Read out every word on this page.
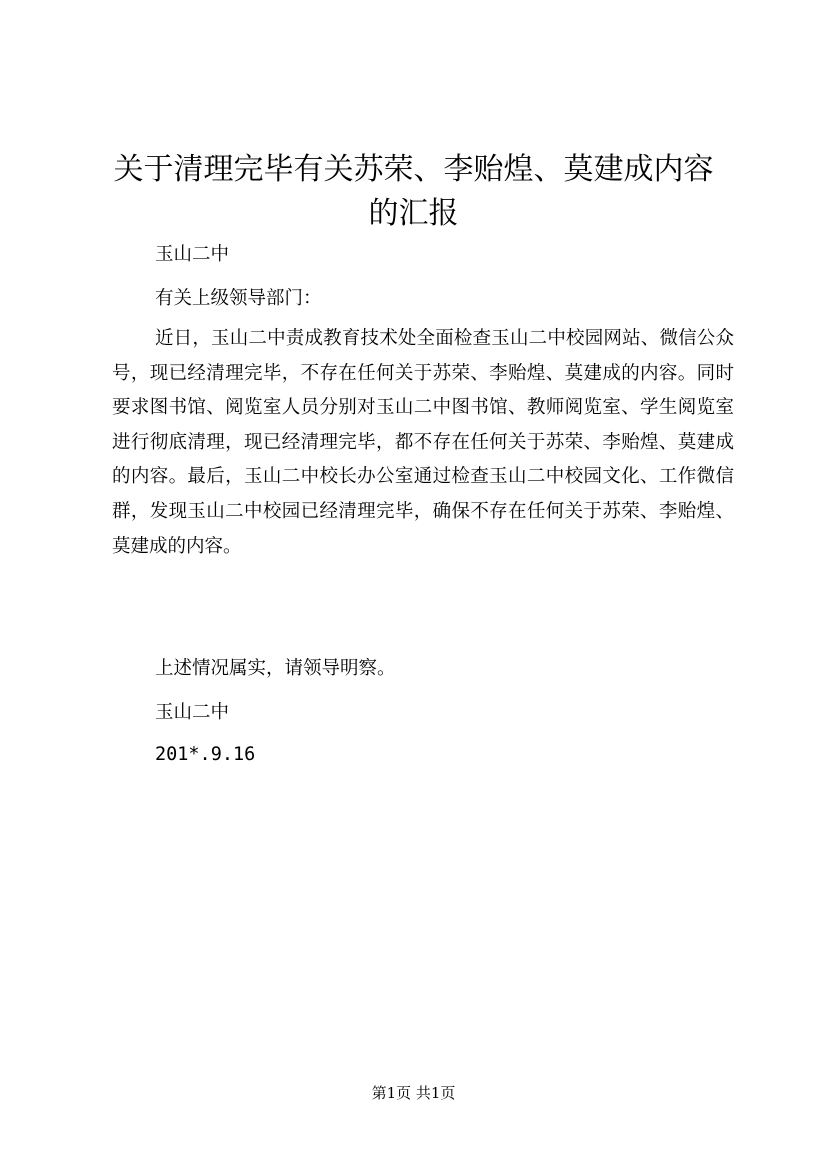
关于清理完毕有关苏荣、李贻煌、莫建成内容
的汇报
玉山二中
有关上级领导部门：
近日，玉山二中责成教育技术处全面检查玉山二中校园网站、微信公众号，现已经清理完毕，不存在任何关于苏荣、李贻煌、莫建成的内容。同时要求图书馆、阅览室人员分别对玉山二中图书馆、教师阅览室、学生阅览室进行彻底清理，现已经清理完毕，都不存在任何关于苏荣、李贻煌、莫建成的内容。最后，玉山二中校长办公室通过检查玉山二中校园文化、工作微信群，发现玉山二中校园已经清理完毕，确保不存在任何关于苏荣、李贻煌、莫建成的内容。
上述情况属实，请领导明察。
玉山二中
201*.9.16
第1页 共1页
